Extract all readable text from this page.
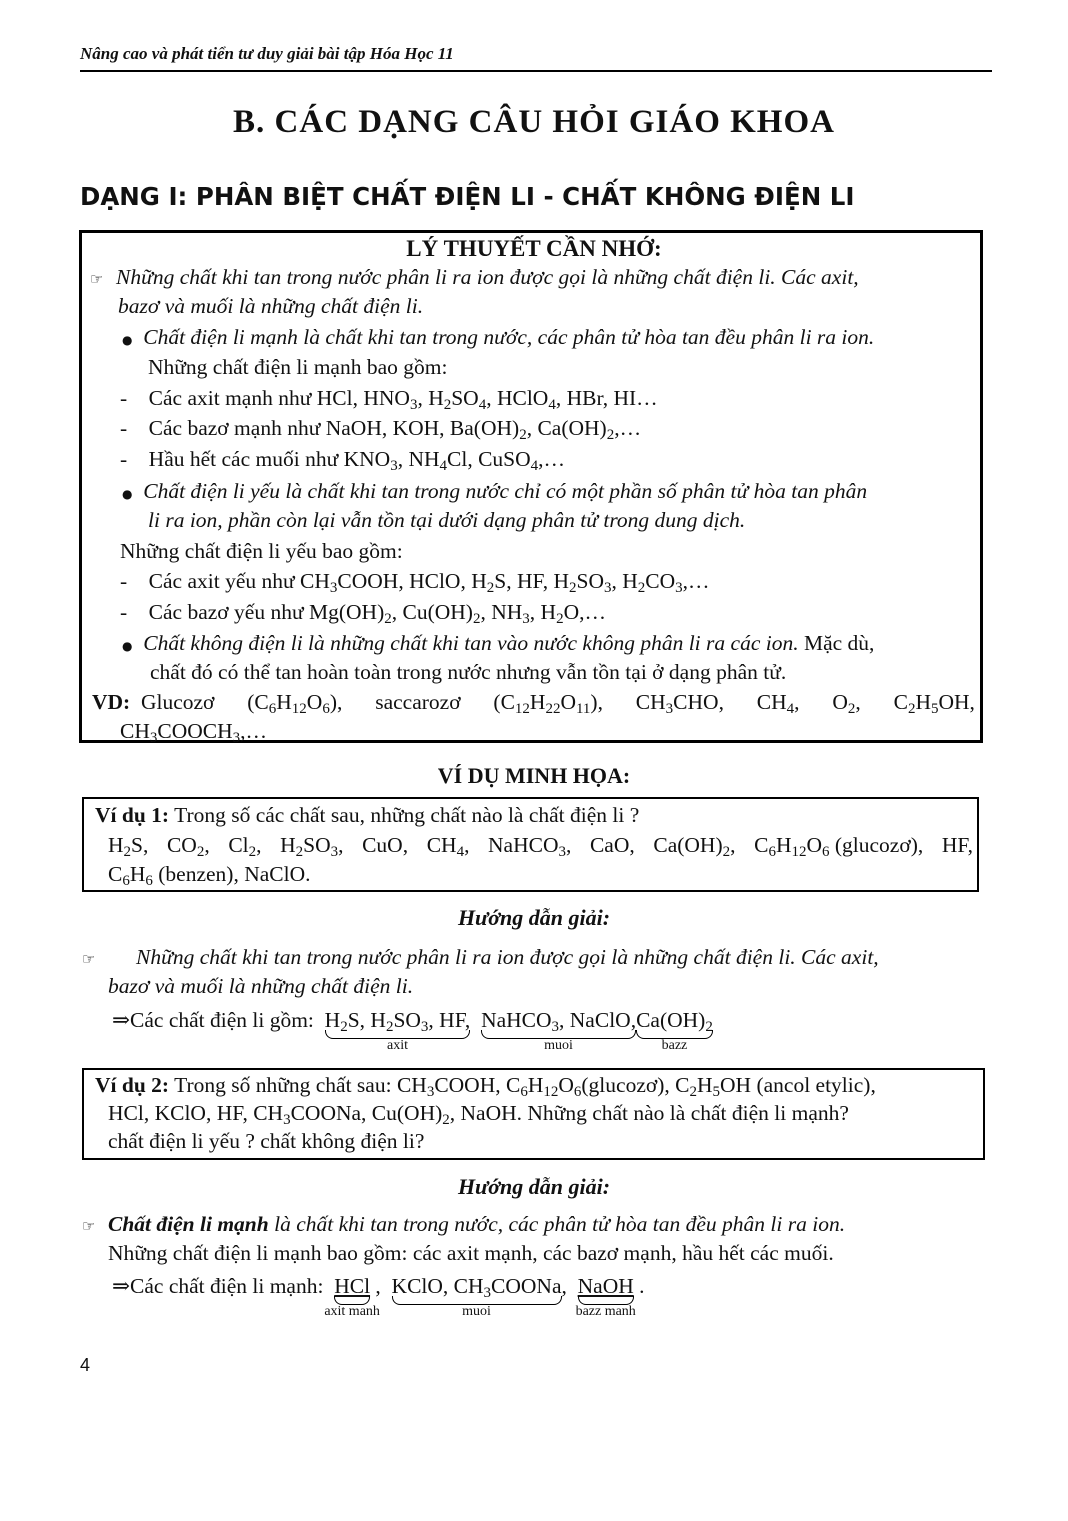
Nâng cao và phát tiển tư duy giải bài tập Hóa Học 11
B. CÁC DẠNG CÂU HỎI GIÁO KHOA
DẠNG I: PHÂN BIỆT CHẤT ĐIỆN LI - CHẤT KHÔNG ĐIỆN LI
LÝ THUYẾT CẦN NHỚ:
☞ Những chất khi tan trong nước phân li ra ion được gọi là những chất điện li. Các axit,
bazơ và muối là những chất điện li.
● Chất điện li mạnh là chất khi tan trong nước, các phân tử hòa tan đều phân li ra ion.
Những chất điện li mạnh bao gồm:
-    Các axit mạnh như HCl, $HNO_3$, $H_2SO_4$, HClO$_4$, HBr, HI…
-    Các bazơ mạnh như NaOH, KOH, $Ba(OH)_2$, $Ca(OH)_2,\dots$
-    Hầu hết các muối như $KNO_3$, $NH_4Cl$, CuSO$_4$,…
● Chất điện li yếu là chất khi tan trong nước chỉ có một phần số phân tử hòa tan phân
li ra ion, phần còn lại vẫn tồn tại dưới dạng phân tử trong dung dịch.
Những chất điện li yếu bao gồm:
-    Các axit yếu như $CH_3COOH$, HClO, $H_2S$, HF, $H_2SO_3$, $H_2CO_3,\dots$
-    Các bazơ yếu như $Mg(OH)_2$, $Cu(OH)_2$, $NH_3$, $H_2O,\dots$
● Chất không điện li là những chất khi tan vào nước không phân li ra các ion. Mặc dù,
chất đó có thể tan hoàn toàn trong nước nhưng vẫn tồn tại ở dạng phân tử.
VD:  Glucozơ $(C_6H_{12}O_6)$, saccarozơ $(C_{12}H_{22}O_{11})$, $CH_3CHO$, $CH_4$, $O_2$, $C_2H_5OH$,
$CH_3COOCH_3,\dots$
VÍ DỤ MINH HỌA:
Ví dụ 1: Trong số các chất sau, những chất nào là chất điện li ?
$H_2S$, $CO_2$, $Cl_2$, $H_2SO_3$, CuO, $CH_4$, NaHCO$_3$, CaO, $Ca(OH)_2$, $C_6H_{12}O_6$ (glucozơ), HF,
$C_6H_6$ (benzen), NaClO.
Hướng dẫn giải:
☞ Những chất khi tan trong nước phân li ra ion được gọi là những chất điện li. Các axit,
bazơ và muối là những chất điện li.
⇒Các chất điện li gồm: $H_2S$, $H_2SO_3$, HF,
axit
NaHCO$_3$, NaClO,
muoi
$Ca(OH)_2$
bazz
Ví dụ 2: Trong số những chất sau: $CH_3COOH$, $C_6H_{12}O_6(glucozơ)$, $C_2H_5OH$ (ancol etylic),
HCl, KClO, HF, $CH_3COONa$, $Cu(OH)_2$, NaOH. Những chất nào là chất điện li mạnh?
chất điện li yếu ? chất không điện li?
Hướng dẫn giải:
☞ Chất điện li mạnh là chất khi tan trong nước, các phân tử hòa tan đều phân li ra ion.
Những chất điện li mạnh bao gồm: các axit mạnh, các bazơ mạnh, hầu hết các muối.
⇒Các chất điện li mạnh: HCl
axit manh
,  KClO, $CH_3COONa$
muoi
,  NaOH
bazz manh
.
4
